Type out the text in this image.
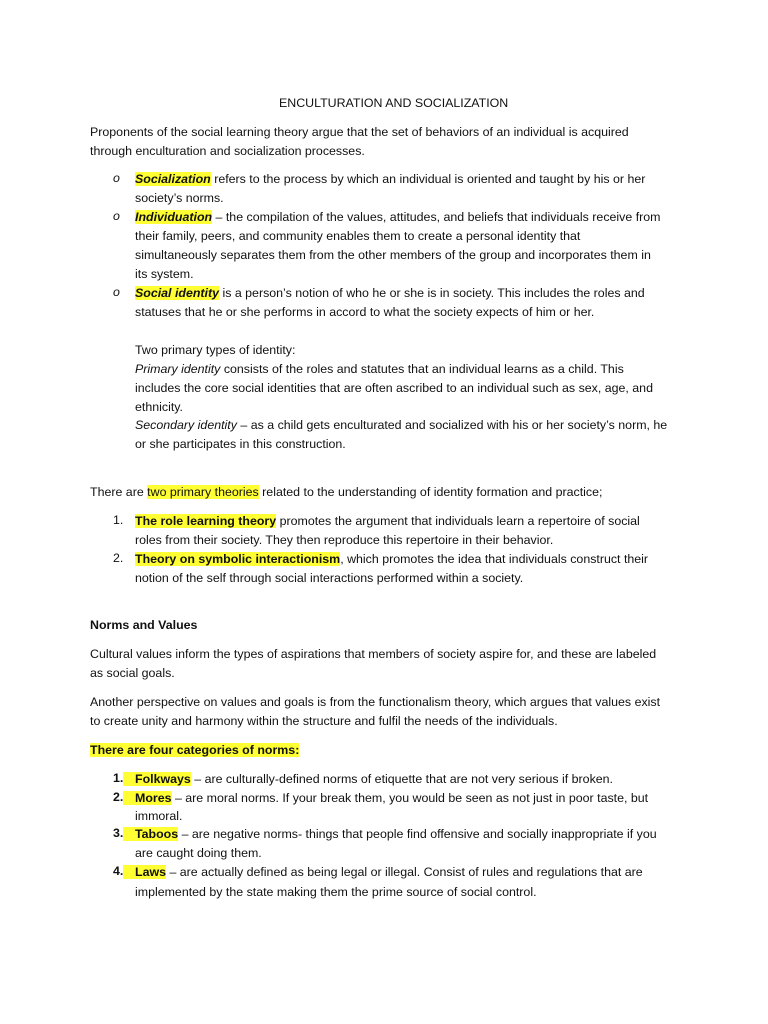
ENCULTURATION AND SOCIALIZATION
Proponents of the social learning theory argue that the set of behaviors of an individual is acquired
through enculturation and socialization processes.
o Socialization refers to the process by which an individual is oriented and taught by his or her
society’s norms.
o Individuation – the compilation of the values, attitudes, and beliefs that individuals receive from
their family, peers, and community enables them to create a personal identity that
simultaneously separates them from the other members of the group and incorporates them in
its system.
o Social identity is a person’s notion of who he or she is in society. This includes the roles and
statuses that he or she performs in accord to what the society expects of him or her.
Two primary types of identity:
Primary identity consists of the roles and statutes that an individual learns as a child. This
includes the core social identities that are often ascribed to an individual such as sex, age, and
ethnicity.
Secondary identity – as a child gets enculturated and socialized with his or her society’s norm, he
or she participates in this construction.
There are two primary theories related to the understanding of identity formation and practice;
1. The role learning theory promotes the argument that individuals learn a repertoire of social
roles from their society. They then reproduce this repertoire in their behavior.
2. Theory on symbolic interactionism, which promotes the idea that individuals construct their
notion of the self through social interactions performed within a society.
Norms and Values
Cultural values inform the types of aspirations that members of society aspire for, and these are labeled
as social goals.
Another perspective on values and goals is from the functionalism theory, which argues that values exist
to create unity and harmony within the structure and fulfil the needs of the individuals.
There are four categories of norms:
1. Folkways – are culturally-defined norms of etiquette that are not very serious if broken.
2. Mores – are moral norms. If your break them, you would be seen as not just in poor taste, but
immoral.
3. Taboos – are negative norms- things that people find offensive and socially inappropriate if you
are caught doing them.
4. Laws – are actually defined as being legal or illegal. Consist of rules and regulations that are
implemented by the state making them the prime source of social control.
